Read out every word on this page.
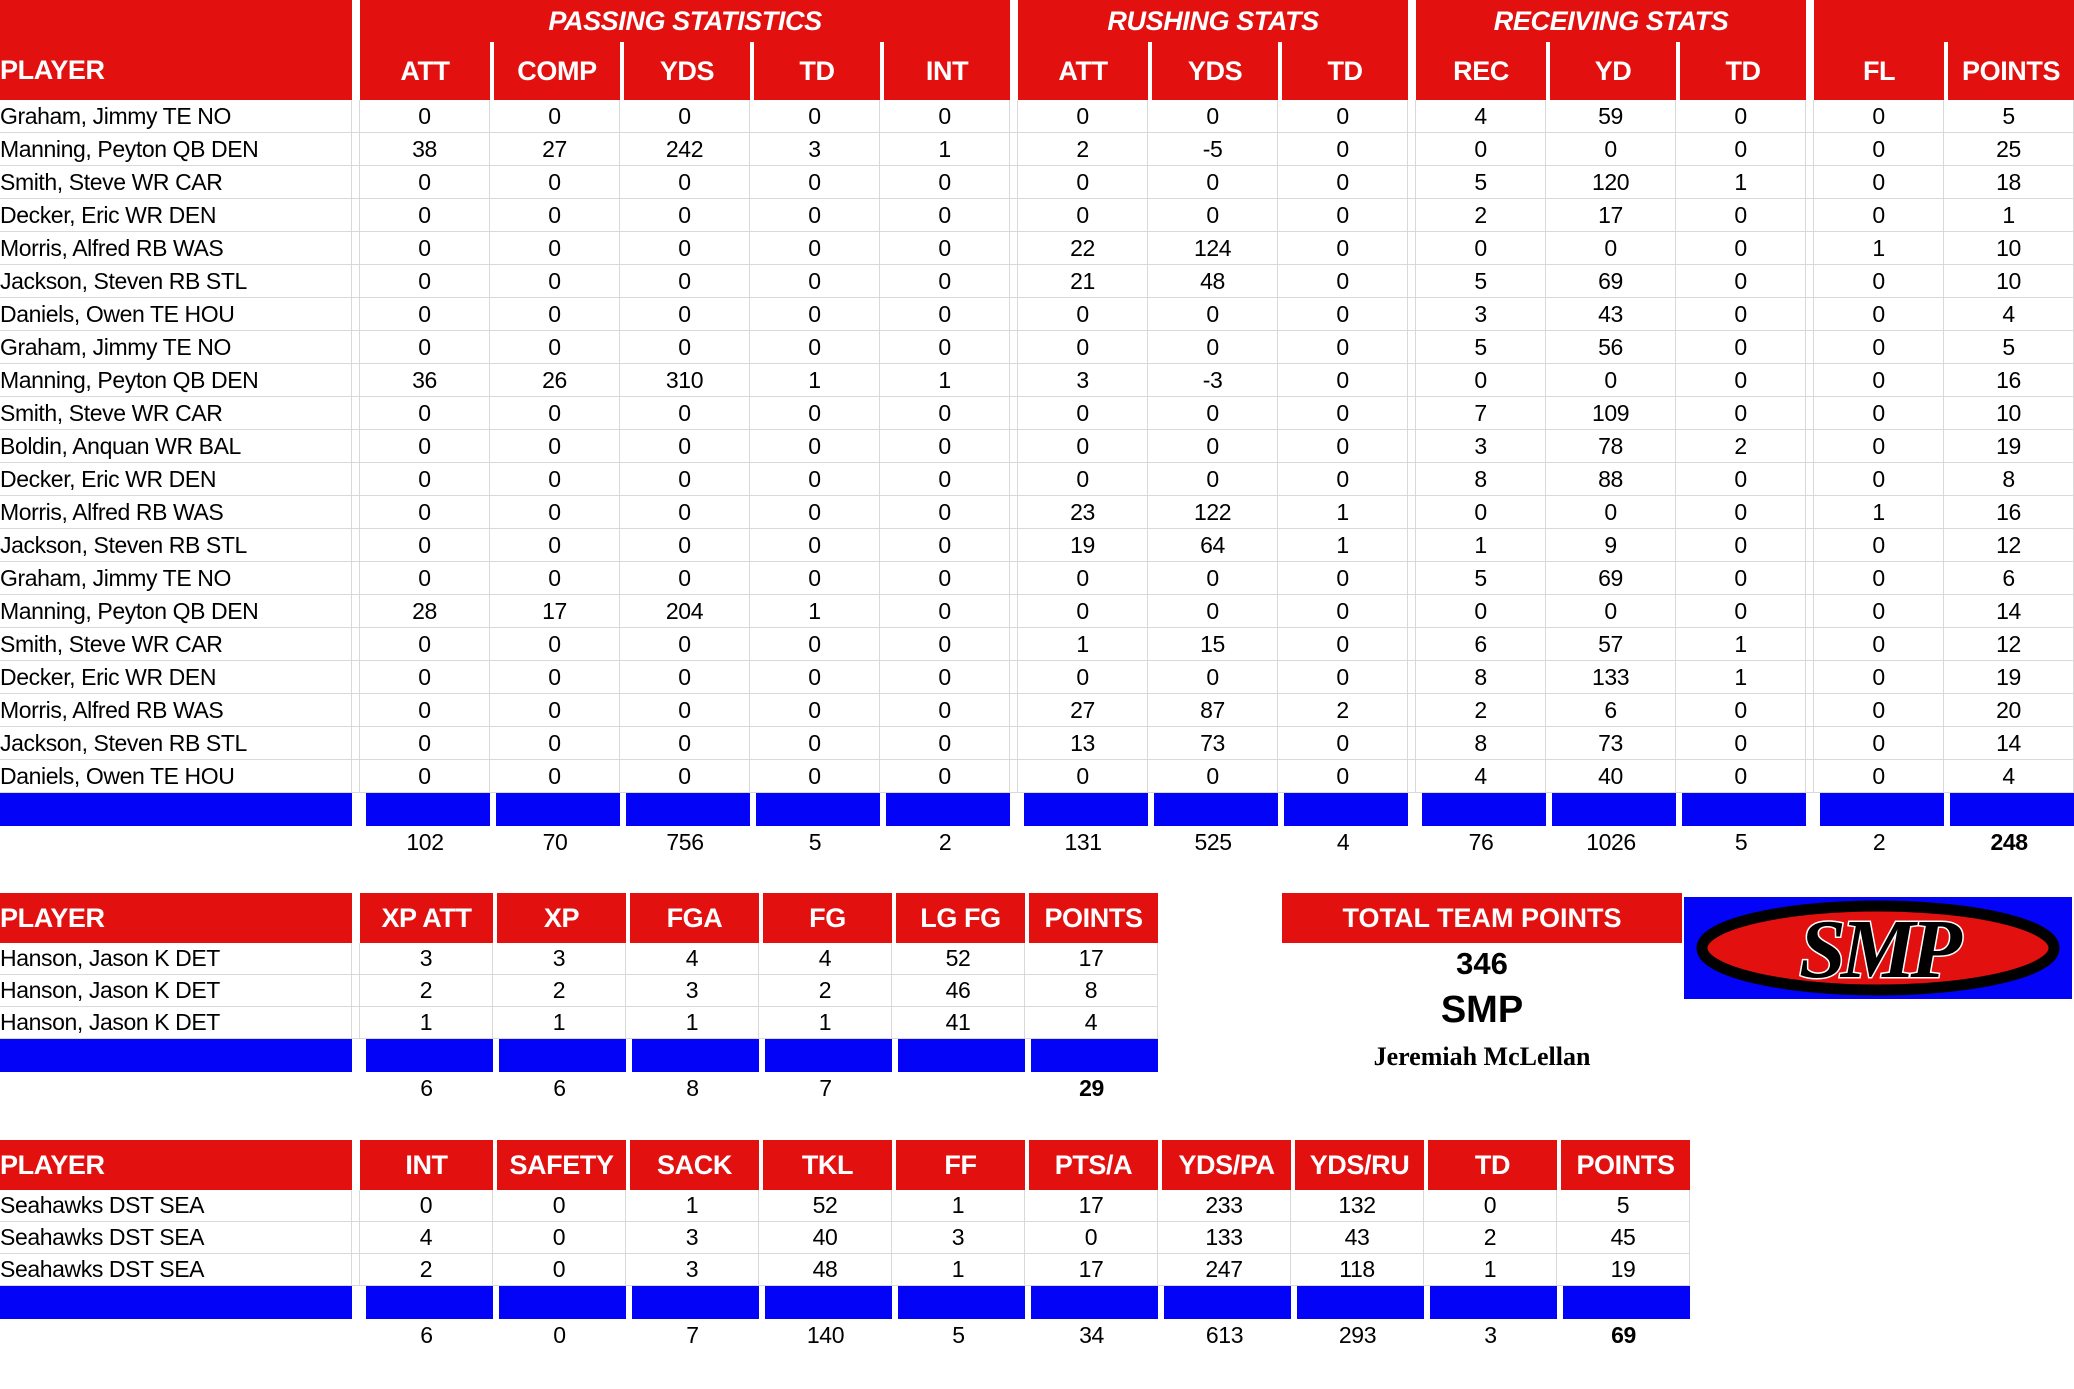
PLAYER		PASSING STATISTICS						RUSHING STATS				RECEIVING STATS					
		ATT	COMP	YDS	TD	INT		ATT	YDS	TD		REC	YD	TD		FL	POINTS
Graham, Jimmy TE NO		0	0	0	0	0		0	0	0		4	59	0		0	5
Manning, Peyton QB DEN		38	27	242	3	1		2	-5	0		0	0	0		0	25
Smith, Steve WR CAR		0	0	0	0	0		0	0	0		5	120	1		0	18
Decker, Eric WR DEN		0	0	0	0	0		0	0	0		2	17	0		0	1
Morris, Alfred RB WAS		0	0	0	0	0		22	124	0		0	0	0		1	10
Jackson, Steven RB STL		0	0	0	0	0		21	48	0		5	69	0		0	10
Daniels, Owen TE HOU		0	0	0	0	0		0	0	0		3	43	0		0	4
Graham, Jimmy TE NO		0	0	0	0	0		0	0	0		5	56	0		0	5
Manning, Peyton QB DEN		36	26	310	1	1		3	-3	0		0	0	0		0	16
Smith, Steve WR CAR		0	0	0	0	0		0	0	0		7	109	0		0	10
Boldin, Anquan WR BAL		0	0	0	0	0		0	0	0		3	78	2		0	19
Decker, Eric WR DEN		0	0	0	0	0		0	0	0		8	88	0		0	8
Morris, Alfred RB WAS		0	0	0	0	0		23	122	1		0	0	0		1	16
Jackson, Steven RB STL		0	0	0	0	0		19	64	1		1	9	0		0	12
Graham, Jimmy TE NO		0	0	0	0	0		0	0	0		5	69	0		0	6
Manning, Peyton QB DEN		28	17	204	1	0		0	0	0		0	0	0		0	14
Smith, Steve WR CAR		0	0	0	0	0		1	15	0		6	57	1		0	12
Decker, Eric WR DEN		0	0	0	0	0		0	0	0		8	133	1		0	19
Morris, Alfred RB WAS		0	0	0	0	0		27	87	2		2	6	0		0	20
Jackson, Steven RB STL		0	0	0	0	0		13	73	0		8	73	0		0	14
Daniels, Owen TE HOU		0	0	0	0	0		0	0	0		4	40	0		0	4

		102	70	756	5	2		131	525	4		76	1026	5		2	248
PLAYER		XP ATT	XP	FGA	FG	LG FG	POINTS
Hanson, Jason K DET		3	3	4	4	52	17
Hanson, Jason K DET		2	2	3	2	46	8
Hanson, Jason K DET		1	1	1	1	41	4

		6	6	8	7		29
TOTAL TEAM POINTS
346
SMP
Jeremiah McLellan
SMP
PLAYER		INT	SAFETY	SACK	TKL	FF	PTS/A	YDS/PA	YDS/RU	TD	POINTS
Seahawks DST SEA		0	0	1	52	1	17	233	132	0	5
Seahawks DST SEA		4	0	3	40	3	0	133	43	2	45
Seahawks DST SEA		2	0	3	48	1	17	247	118	1	19

		6	0	7	140	5	34	613	293	3	69
